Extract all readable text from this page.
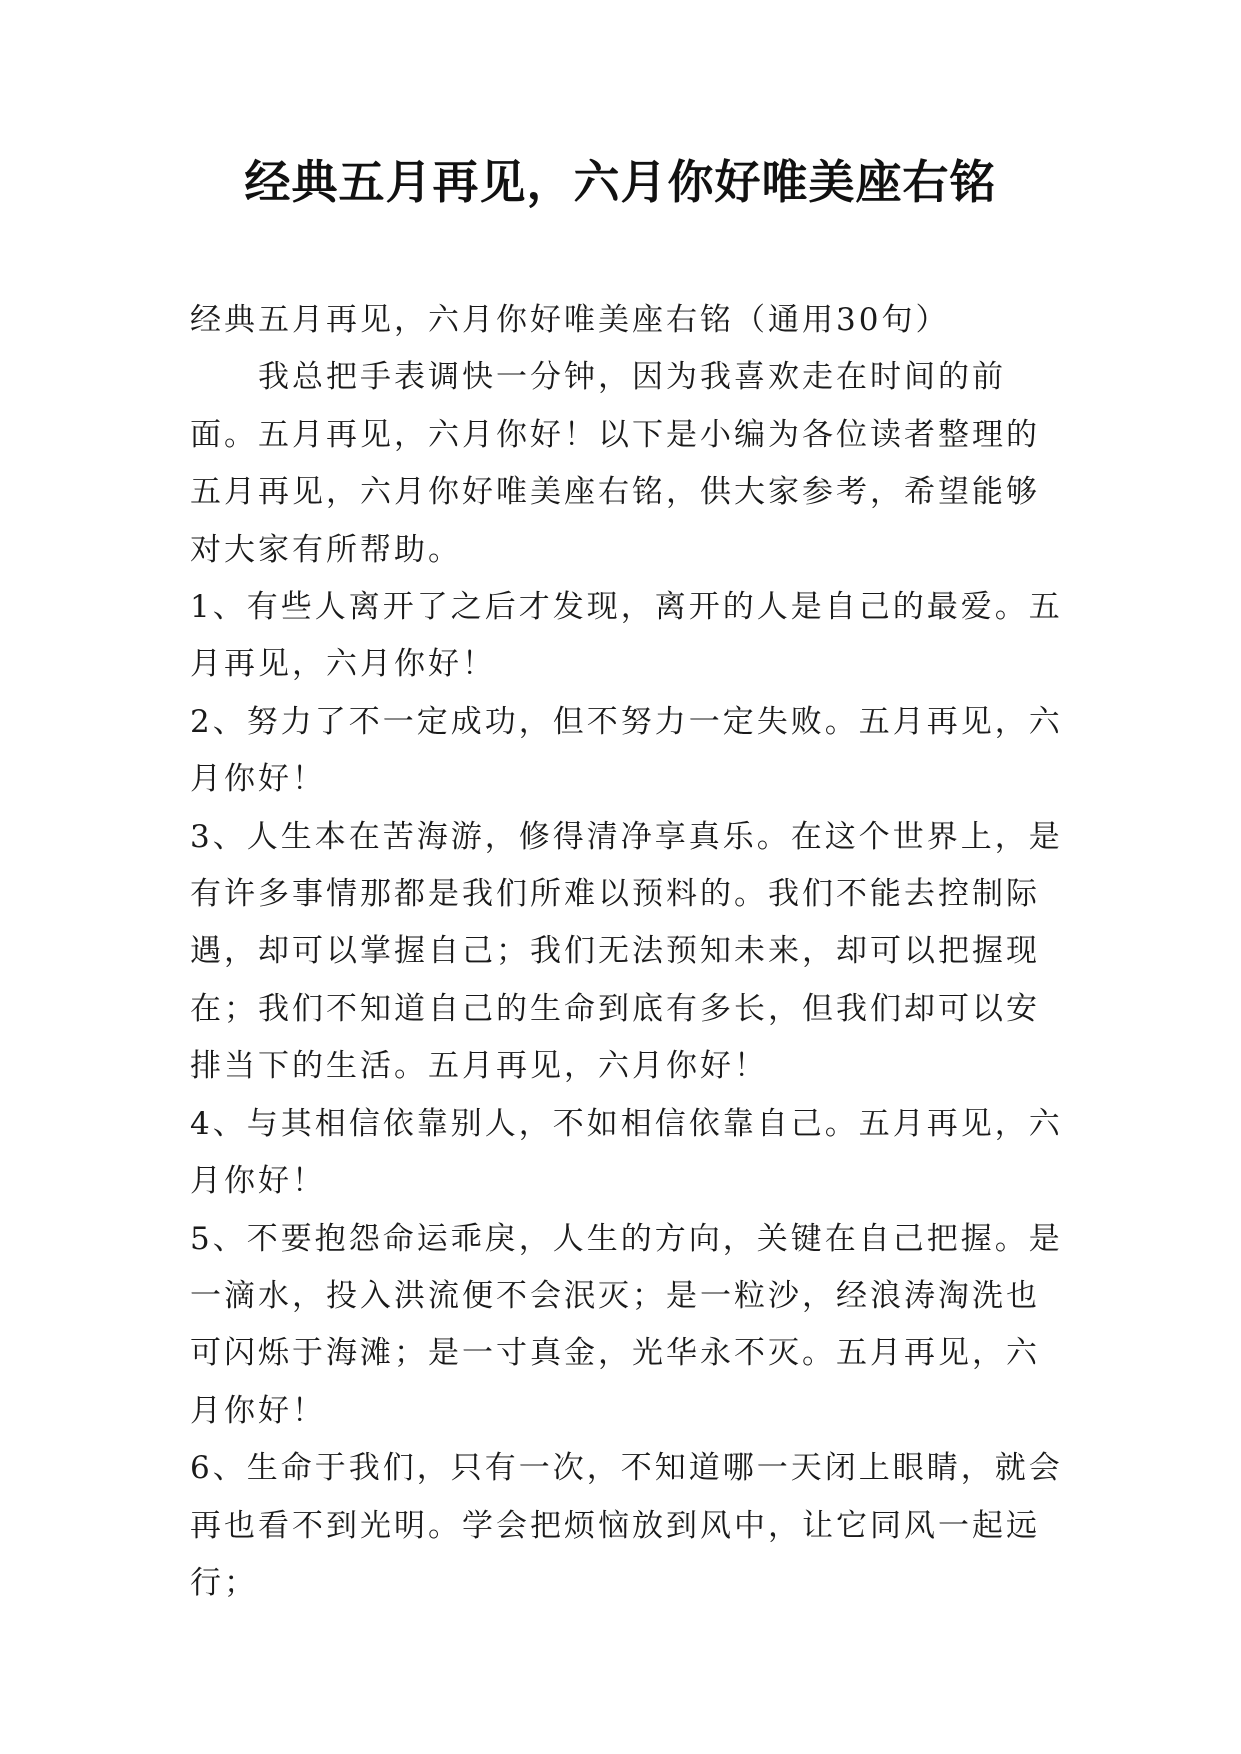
经典五月再见，六月你好唯美座右铭

经典五月再见，六月你好唯美座右铭（通用30句）

我总把手表调快一分钟，因为我喜欢走在时间的前面。五月再见，六月你好！以下是小编为各位读者整理的五月再见，六月你好唯美座右铭，供大家参考，希望能够对大家有所帮助。

1、有些人离开了之后才发现，离开的人是自己的最爱。五月再见，六月你好！

2、努力了不一定成功，但不努力一定失败。五月再见，六月你好！

3、人生本在苦海游，修得清净享真乐。在这个世界上，是有许多事情那都是我们所难以预料的。我们不能去控制际遇，却可以掌握自己；我们无法预知未来，却可以把握现在；我们不知道自己的生命到底有多长，但我们却可以安排当下的生活。五月再见，六月你好！

4、与其相信依靠别人，不如相信依靠自己。五月再见，六月你好！

5、不要抱怨命运乖戾，人生的方向，关键在自己把握。是一滴水，投入洪流便不会泯灭；是一粒沙，经浪涛淘洗也可闪烁于海滩；是一寸真金，光华永不灭。五月再见，六月你好！

6、生命于我们，只有一次，不知道哪一天闭上眼睛，就会再也看不到光明。学会把烦恼放到风中，让它同风一起远行；
